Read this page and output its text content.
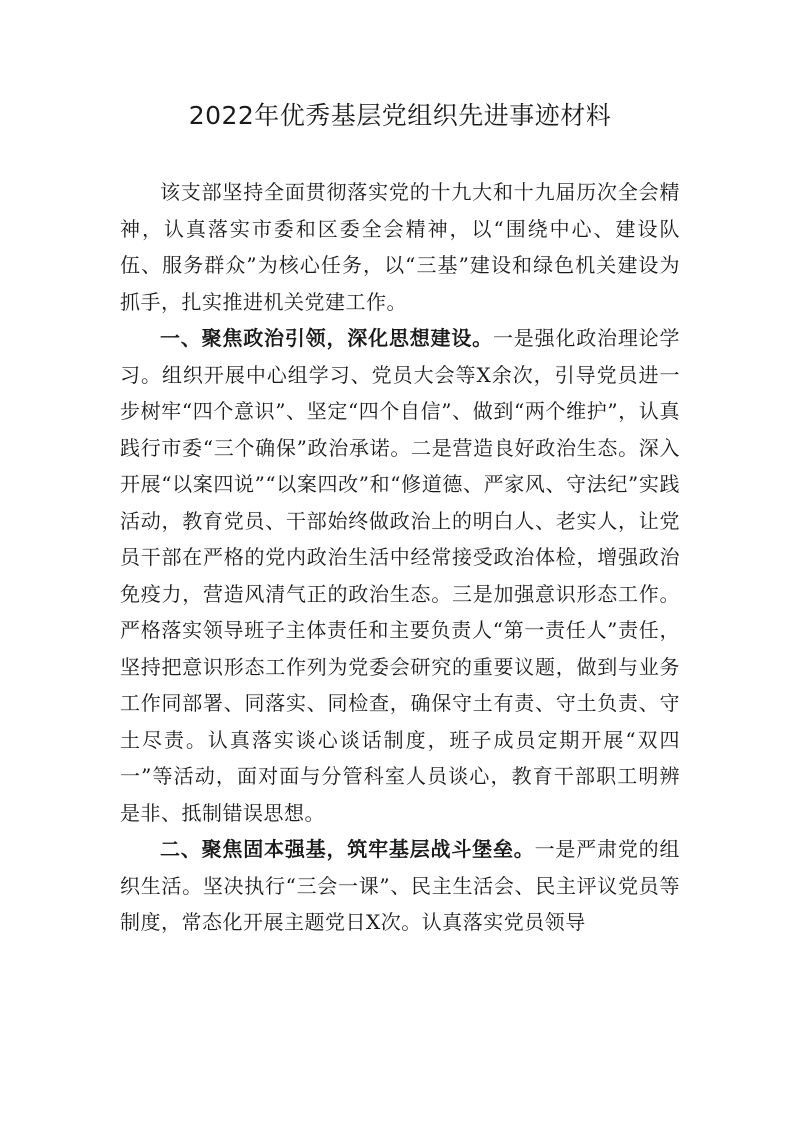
2022年优秀基层党组织先进事迹材料

该支部坚持全面贯彻落实党的十九大和十九届历次全会精神，认真落实市委和区委全会精神，以“围绕中心、建设队伍、服务群众”为核心任务，以“三基”建设和绿色机关建设为抓手，扎实推进机关党建工作。

一、聚焦政治引领，深化思想建设。一是强化政治理论学习。组织开展中心组学习、党员大会等X余次，引导党员进一步树牢“四个意识”、坚定“四个自信”、做到“两个维护”，认真践行市委“三个确保”政治承诺。二是营造良好政治生态。深入开展“以案四说”“以案四改”和“修道德、严家风、守法纪”实践活动，教育党员、干部始终做政治上的明白人、老实人，让党员干部在严格的党内政治生活中经常接受政治体检，增强政治免疫力，营造风清气正的政治生态。三是加强意识形态工作。严格落实领导班子主体责任和主要负责人“第一责任人”责任，坚持把意识形态工作列为党委会研究的重要议题，做到与业务工作同部署、同落实、同检查，确保守土有责、守土负责、守土尽责。认真落实谈心谈话制度，班子成员定期开展“双四一”等活动，面对面与分管科室人员谈心，教育干部职工明辨是非、抵制错误思想。

二、聚焦固本强基，筑牢基层战斗堡垒。一是严肃党的组织生活。坚决执行“三会一课”、民主生活会、民主评议党员等制度，常态化开展主题党日X次。认真落实党员领导
